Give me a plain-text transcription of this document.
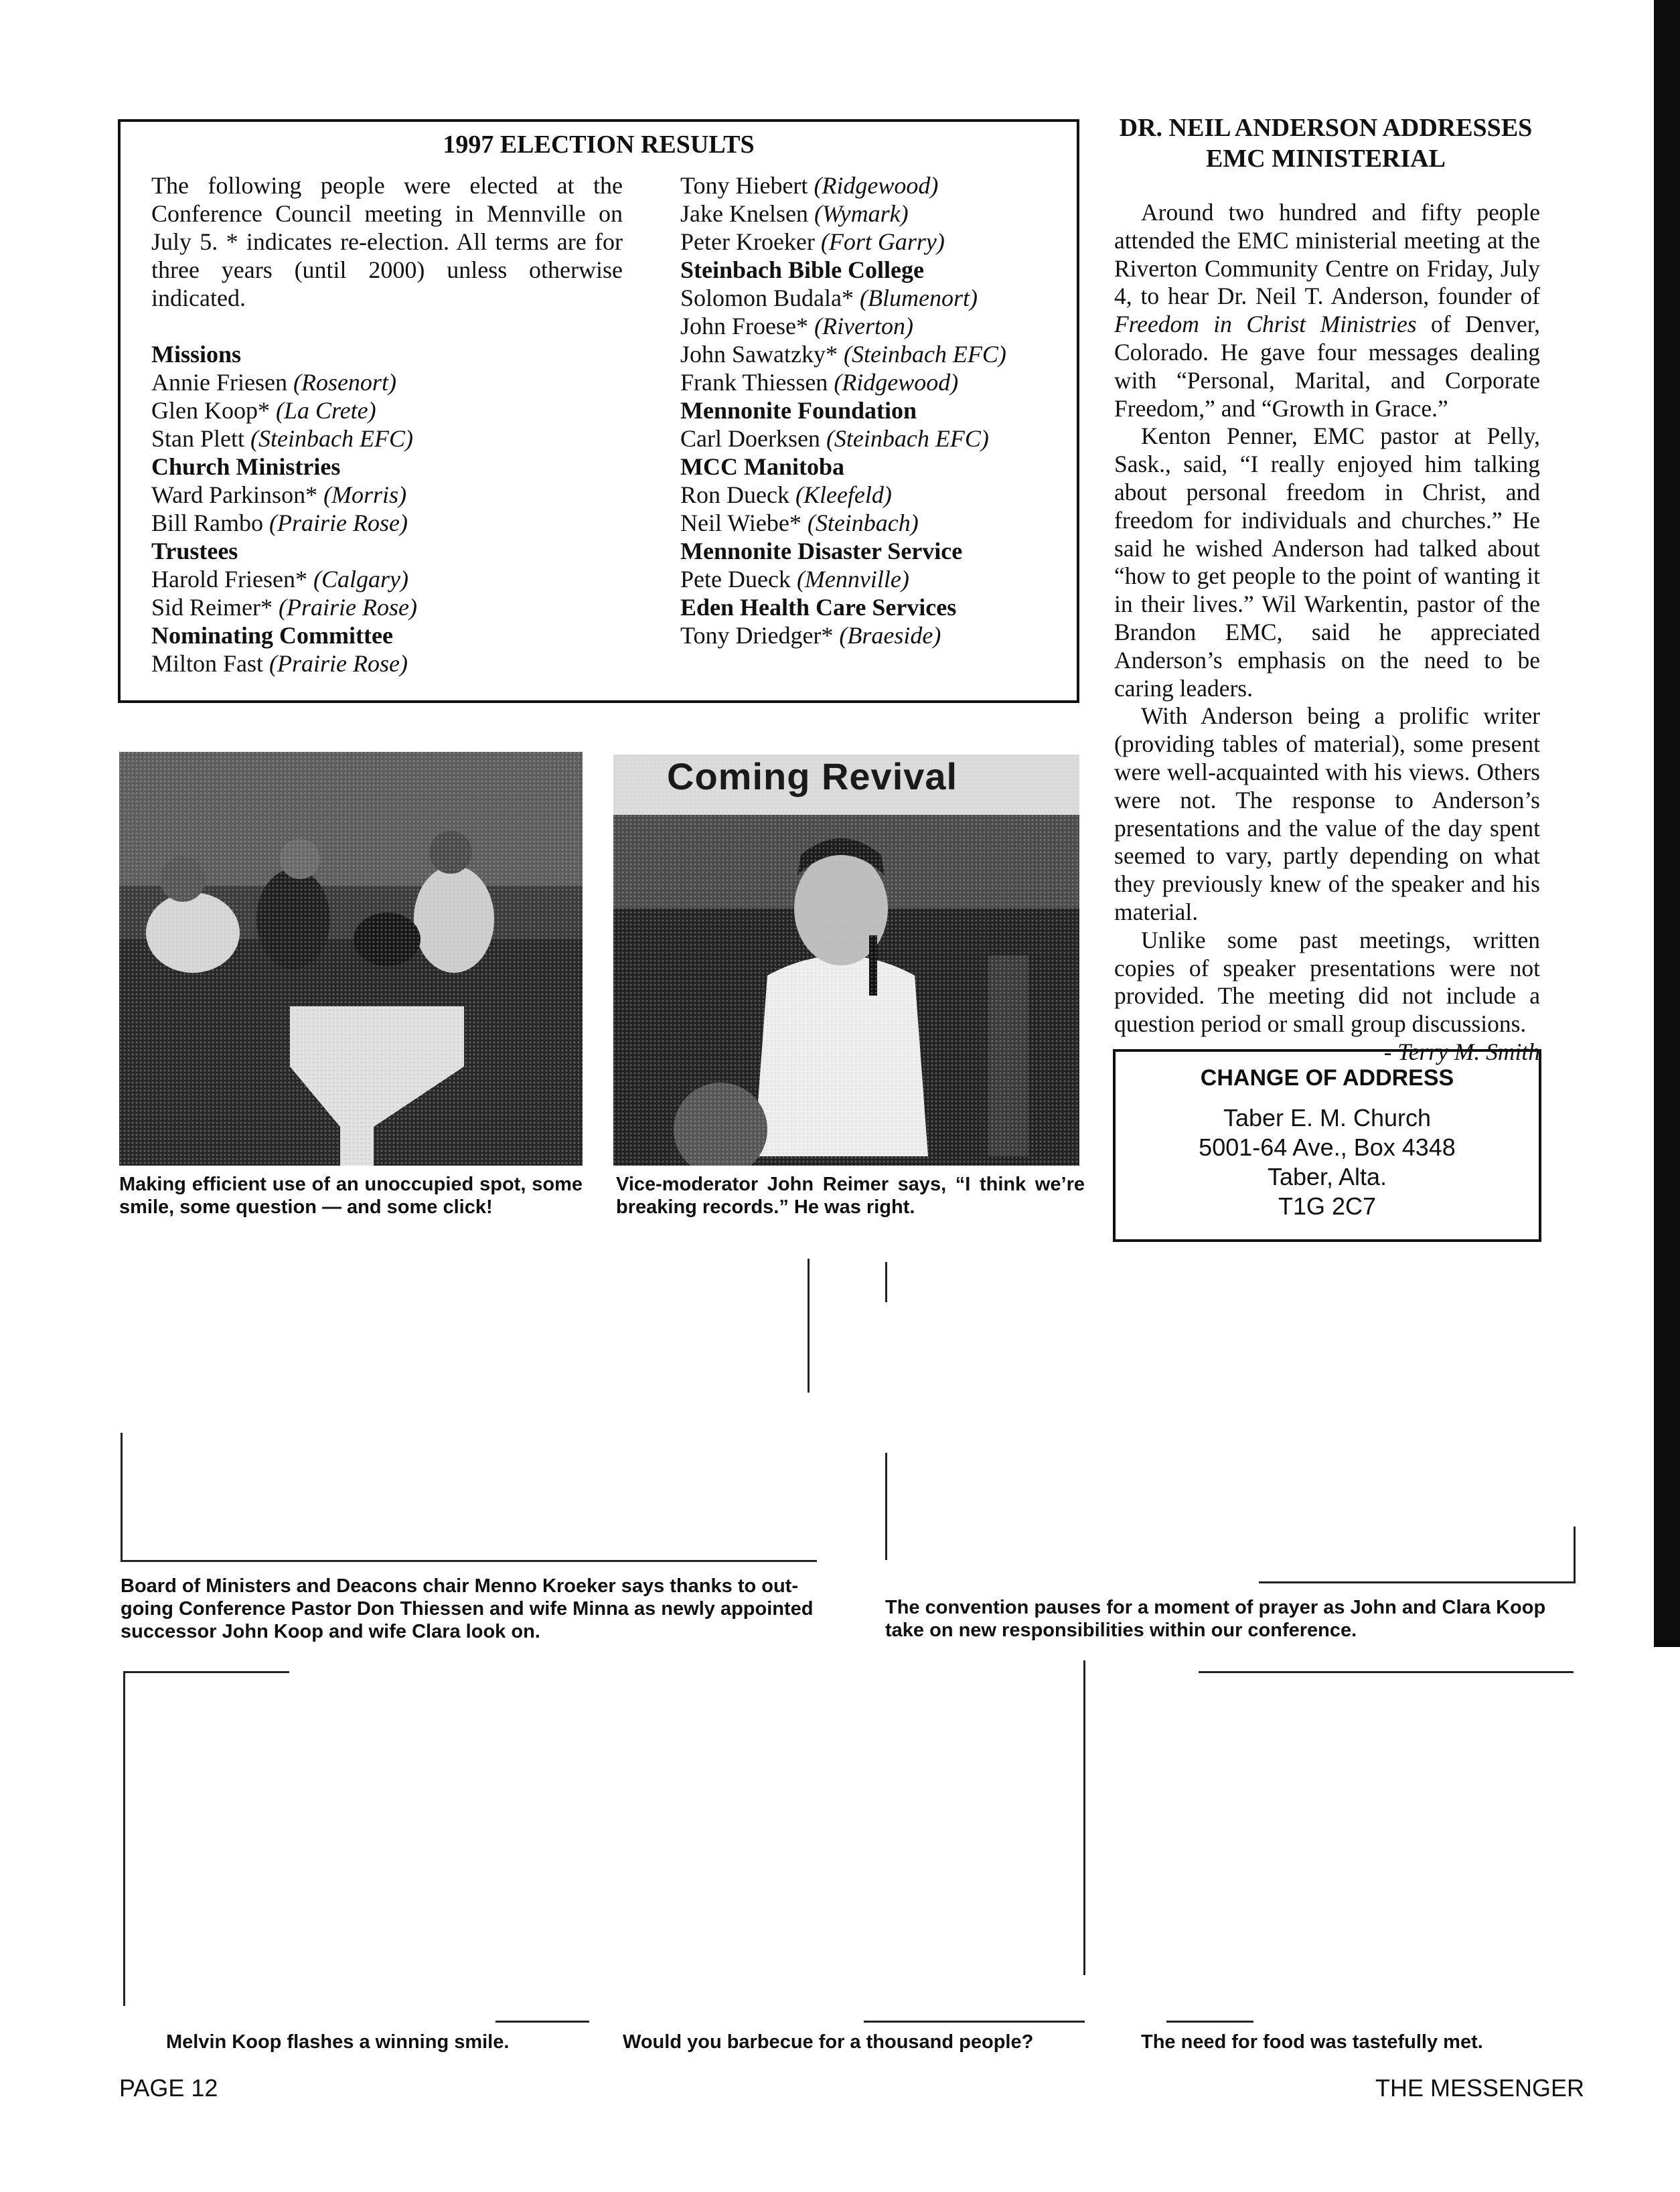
1997 ELECTION RESULTS
The following people were elected at the Conference Council meeting in Mennville on July 5. * indicates re-election. All terms are for three years (until 2000) unless otherwise indicated.
Missions
Annie Friesen (Rosenort)
Glen Koop* (La Crete)
Stan Plett (Steinbach EFC)
Church Ministries
Ward Parkinson* (Morris)
Bill Rambo (Prairie Rose)
Trustees
Harold Friesen* (Calgary)
Sid Reimer* (Prairie Rose)
Nominating Committee
Milton Fast (Prairie Rose)
Tony Hiebert (Ridgewood)
Jake Knelsen (Wymark)
Peter Kroeker (Fort Garry)
Steinbach Bible College
Solomon Budala* (Blumenort)
John Froese* (Riverton)
John Sawatzky* (Steinbach EFC)
Frank Thiessen (Ridgewood)
Mennonite Foundation
Carl Doerksen (Steinbach EFC)
MCC Manitoba
Ron Dueck (Kleefeld)
Neil Wiebe* (Steinbach)
Mennonite Disaster Service
Pete Dueck (Mennville)
Eden Health Care Services
Tony Driedger* (Braeside)
DR. NEIL ANDERSON ADDRESSES
EMC MINISTERIAL

Around two hundred and fifty people attended the EMC ministerial meeting at the Riverton Community Centre on Friday, July 4, to hear Dr. Neil T. Anderson, founder of Freedom in Christ Ministries of Denver, Colorado. He gave four messages dealing with “Personal, Marital, and Corporate Freedom,” and “Growth in Grace.”

Kenton Penner, EMC pastor at Pelly, Sask., said, “I really enjoyed him talking about personal freedom in Christ, and freedom for individuals and churches.” He said he wished Anderson had talked about “how to get people to the point of wanting it in their lives.” Wil Warkentin, pastor of the Brandon EMC, said he appreciated Anderson’s emphasis on the need to be caring leaders.

With Anderson being a prolific writer (providing tables of material), some present were well-acquainted with his views. Others were not. The response to Anderson’s presentations and the value of the day spent seemed to vary, partly depending on what they previously knew of the speaker and his material.

Unlike some past meetings, written copies of speaker presentations were not provided. The meeting did not include a question period or small group discussions.

- Terry M. Smith
CHANGE OF ADDRESS
Taber E. M. Church
5001-64 Ave., Box 4348
Taber, Alta.
T1G 2C7
Making efficient use of an unoccupied spot, some smile, some question — and some click!
Coming Revival
Vice-moderator John Reimer says, “I think we’re breaking records.” He was right.
Board of Ministers and Deacons chair Menno Kroeker says thanks to out-going Conference Pastor Don Thiessen and wife Minna as newly appointed successor John Koop and wife Clara look on.
The convention pauses for a moment of prayer as John and Clara Koop take on new responsibilities within our conference.
Melvin Koop flashes a winning smile.	Would you barbecue for a thousand people?	The need for food was tastefully met.
PAGE 12	THE MESSENGER
